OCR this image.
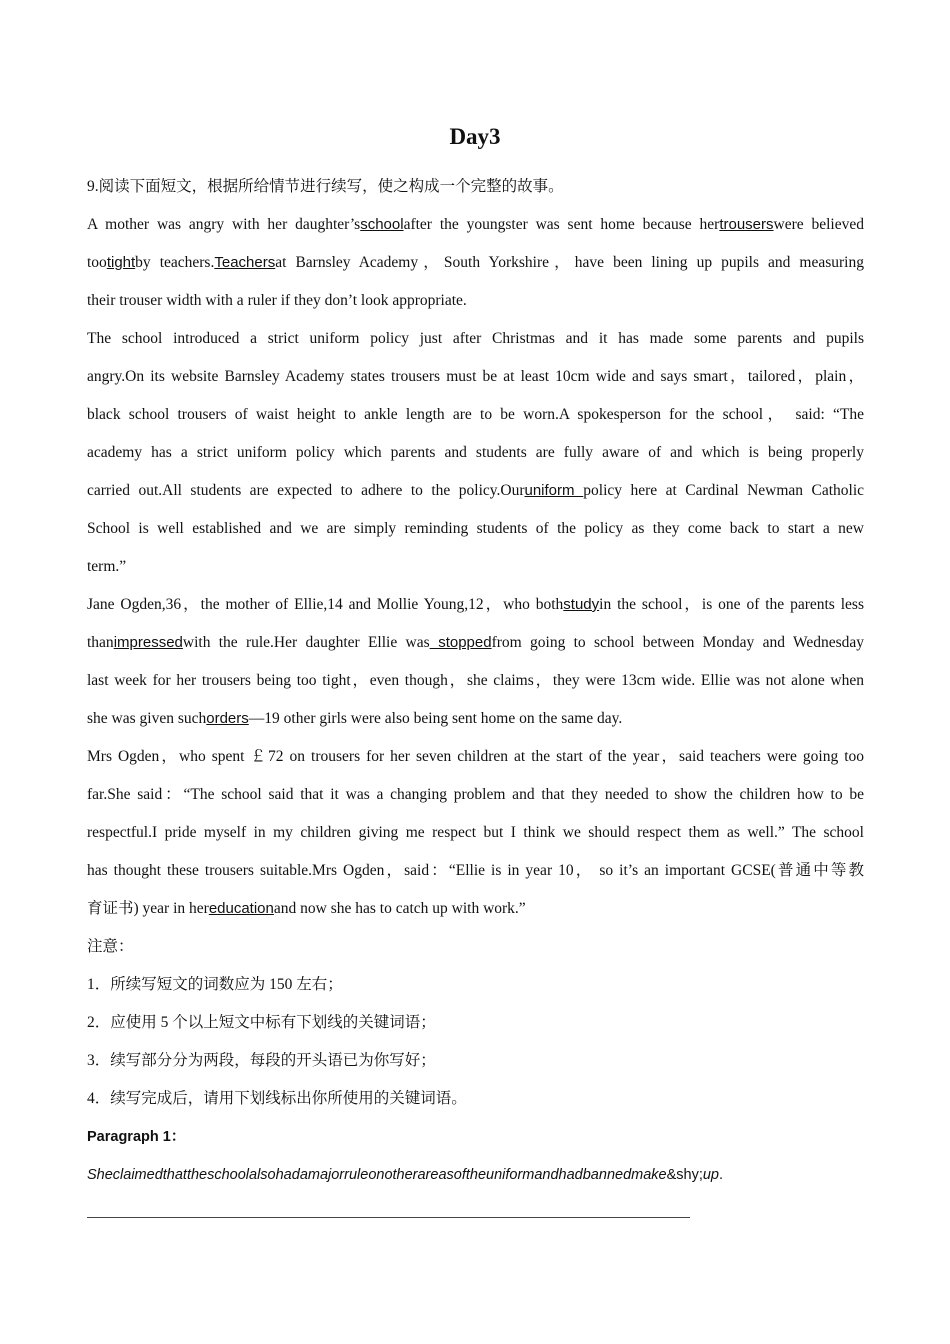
Day3
9.阅读下面短文，根据所给情节进行续写，使之构成一个完整的故事。
A mother was angry with her daughter’sschoolafter the youngster was sent home because hertrouserswere believed
tootightby teachers.Teachersat Barnsley Academy，South Yorkshire，have been lining up pupils and measuring
their trouser width with a ruler if they don’t look appropriate.
The school introduced a strict uniform policy just after Christmas and it has made some parents and pupils
angry.On its website Barnsley Academy states trousers must be at least 10cm wide and says smart，tailored，plain，
black school trousers of waist height to ankle length are to be worn.A spokesperson for the school， said: “The
academy has a strict uniform policy which parents and students are fully aware of and which is being properly
carried out.All students are expected to adhere to the policy.Ouruniform policy here at Cardinal Newman Catholic
School is well established and we are simply reminding students of the policy as they come back to start a new
term.”
Jane Ogden,36，the mother of Ellie,14 and Mollie Young,12，who bothstudyin the school，is one of the parents less
thanimpressedwith the rule.Her daughter Ellie was stoppedfrom going to school between Monday and Wednesday
last week for her trousers being too tight，even though，she claims，they were 13cm wide. Ellie was not alone when
she was given suchorders—19 other girls were also being sent home on the same day.
Mrs Ogden，who spent ￡72 on trousers for her seven children at the start of the year，said teachers were going too
far.She said：“The school said that it was a changing problem and that they needed to show the children how to be
respectful.I pride myself in my children giving me respect but I think we should respect them as well.” The school
has thought these trousers suitable.Mrs Ogden，said：“Ellie is in year 10， so it’s an important GCSE(普通中等教
育证书) year in hereducationand now she has to catch up with work.”
注意：
1．所续写短文的词数应为 150 左右；
2．应使用 5 个以上短文中标有下划线的关键词语；
3．续写部分分为两段，每段的开头语已为你写好；
4．续写完成后，请用下划线标出你所使用的关键词语。
Paragraph 1：
Sheclaimedthattheschoolalsohadamajorruleonotherareasoftheuniformandhadbannedmake&shy;up.
